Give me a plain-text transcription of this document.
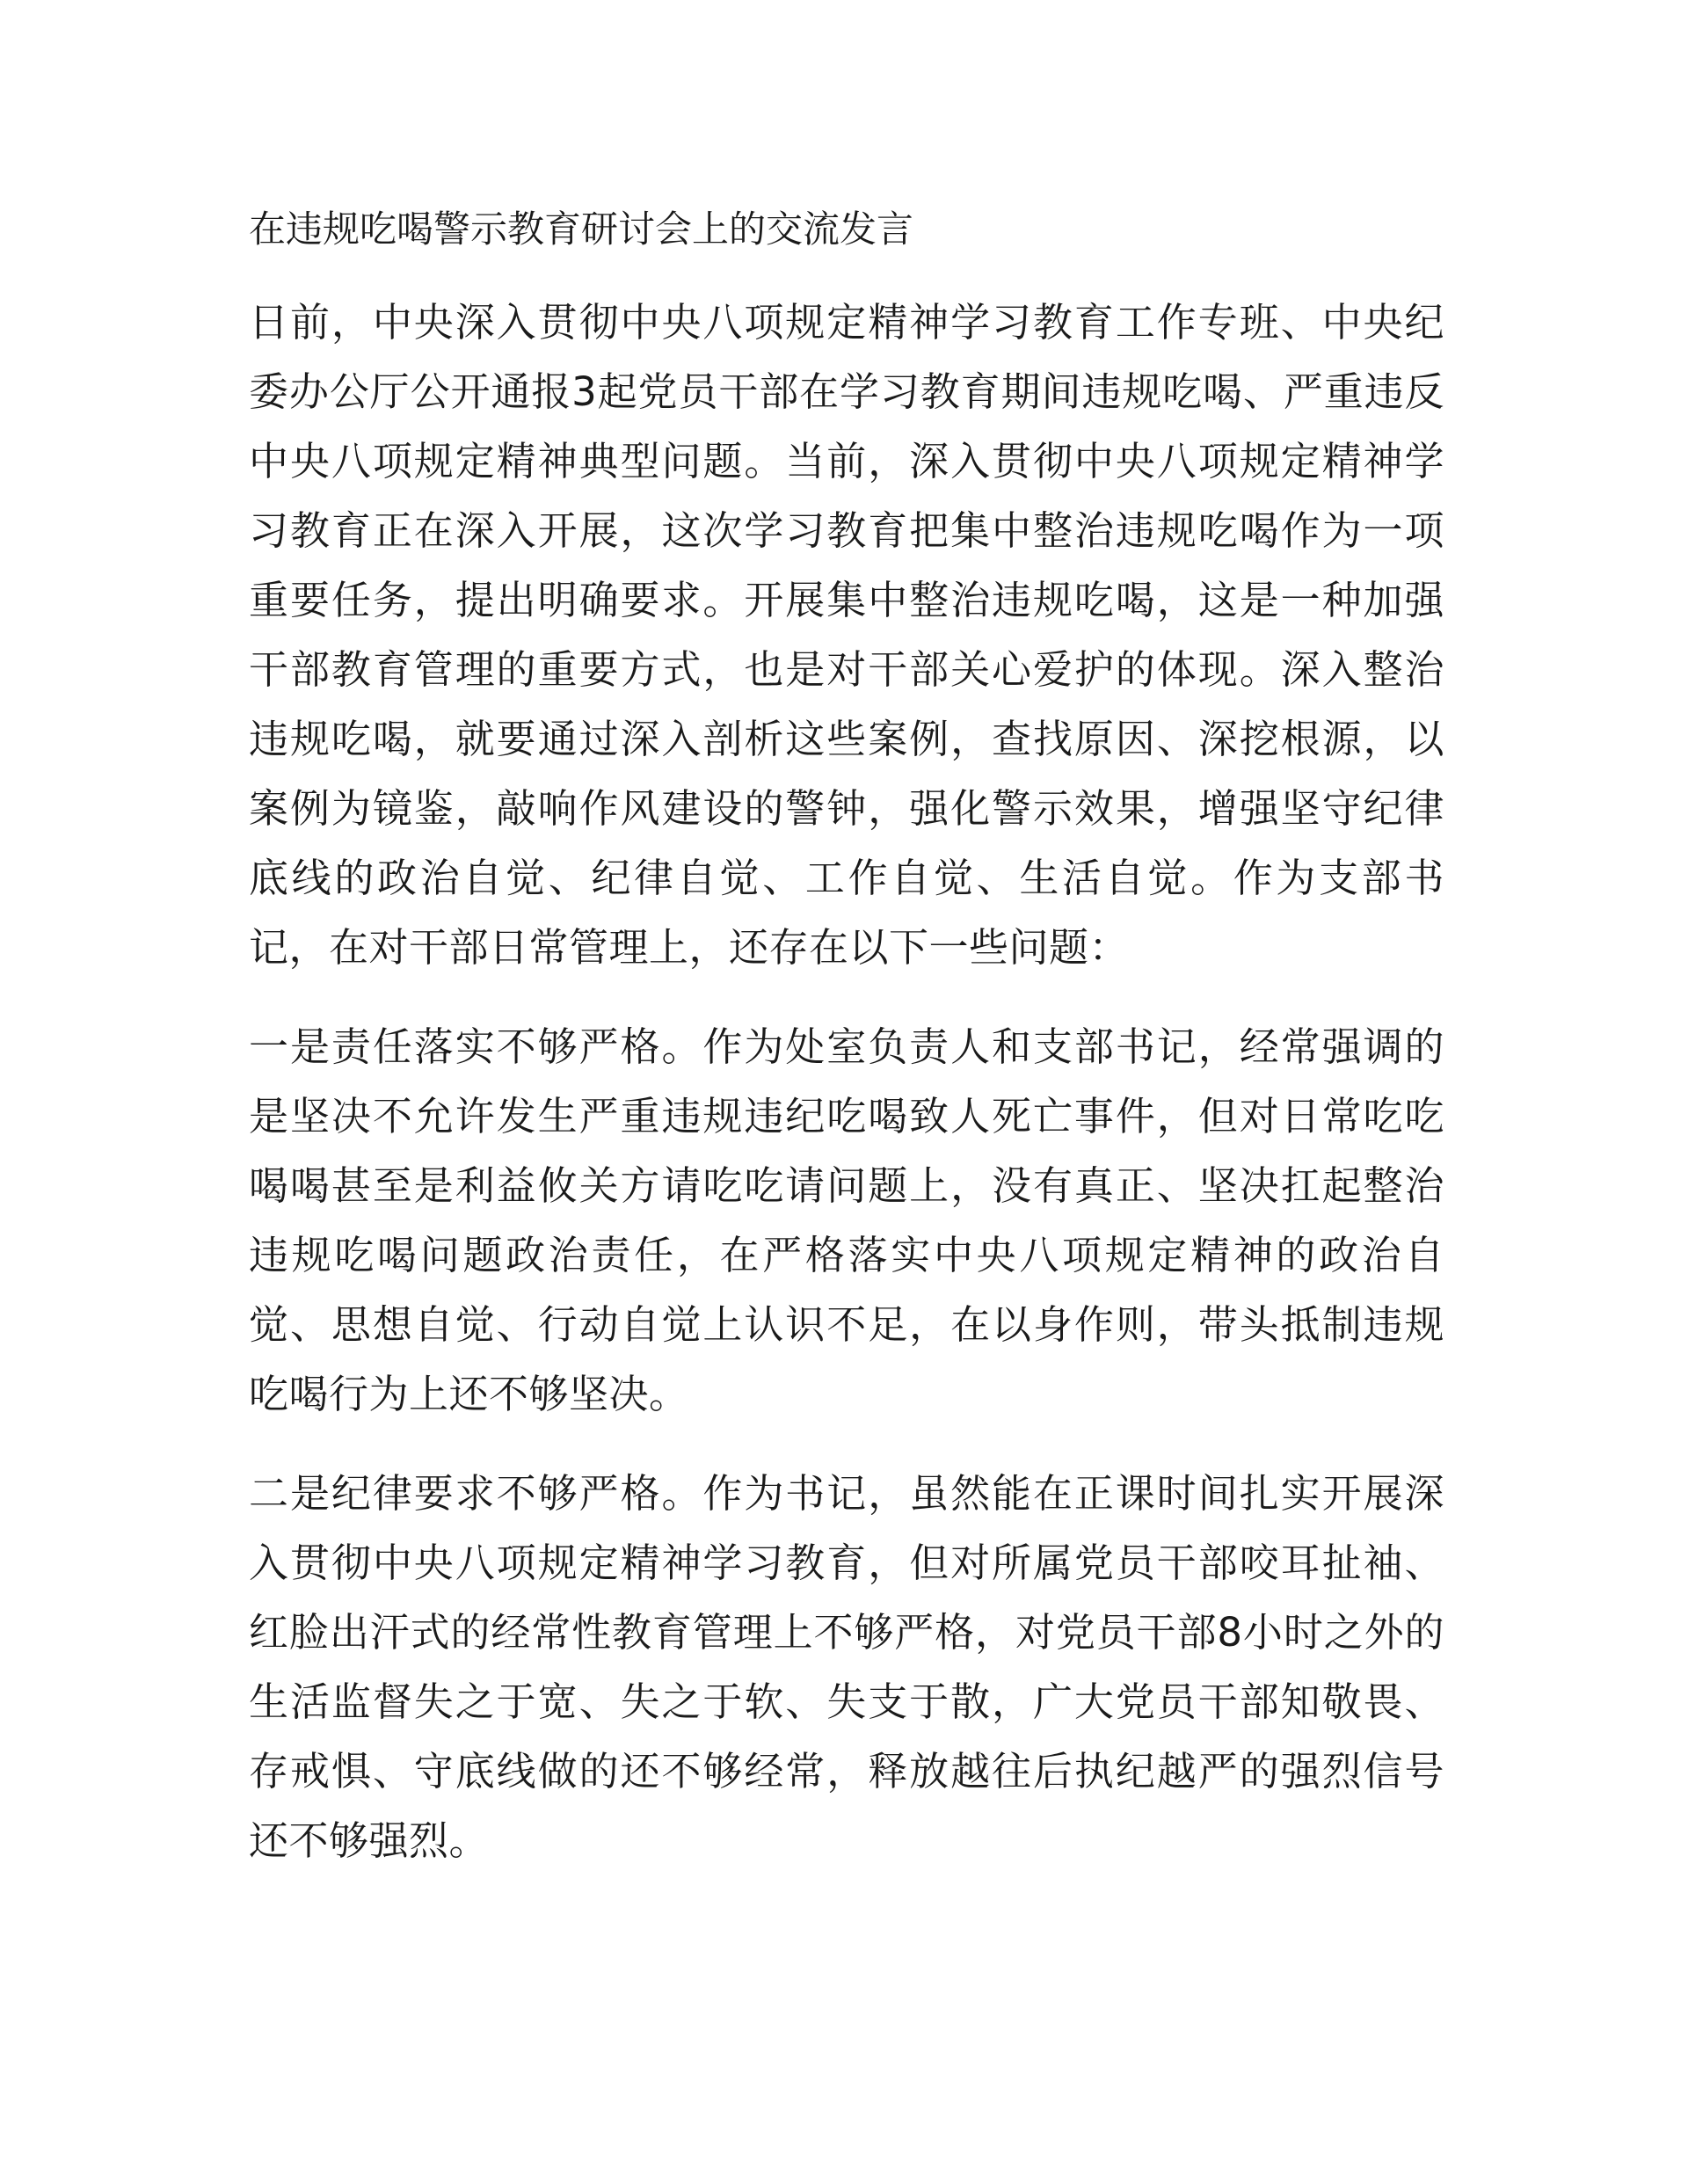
在违规吃喝警示教育研讨会上的交流发言

日前，中央深入贯彻中央八项规定精神学习教育工作专班、中央纪委办公厅公开通报3起党员干部在学习教育期间违规吃喝、严重违反中央八项规定精神典型问题。当前，深入贯彻中央八项规定精神学习教育正在深入开展，这次学习教育把集中整治违规吃喝作为一项重要任务，提出明确要求。开展集中整治违规吃喝，这是一种加强干部教育管理的重要方式，也是对干部关心爱护的体现。深入整治违规吃喝，就要通过深入剖析这些案例，查找原因、深挖根源，以案例为镜鉴，敲响作风建设的警钟，强化警示效果，增强坚守纪律底线的政治自觉、纪律自觉、工作自觉、生活自觉。作为支部书记，在对干部日常管理上，还存在以下一些问题：

一是责任落实不够严格。作为处室负责人和支部书记，经常强调的是坚决不允许发生严重违规违纪吃喝致人死亡事件，但对日常吃吃喝喝甚至是利益攸关方请吃吃请问题上，没有真正、坚决扛起整治违规吃喝问题政治责任，在严格落实中央八项规定精神的政治自觉、思想自觉、行动自觉上认识不足，在以身作则，带头抵制违规吃喝行为上还不够坚决。

二是纪律要求不够严格。作为书记，虽然能在正课时间扎实开展深入贯彻中央八项规定精神学习教育，但对所属党员干部咬耳扯袖、红脸出汗式的经常性教育管理上不够严格，对党员干部8小时之外的生活监督失之于宽、失之于软、失支于散，广大党员干部知敬畏、存戒惧、守底线做的还不够经常，释放越往后执纪越严的强烈信号还不够强烈。
